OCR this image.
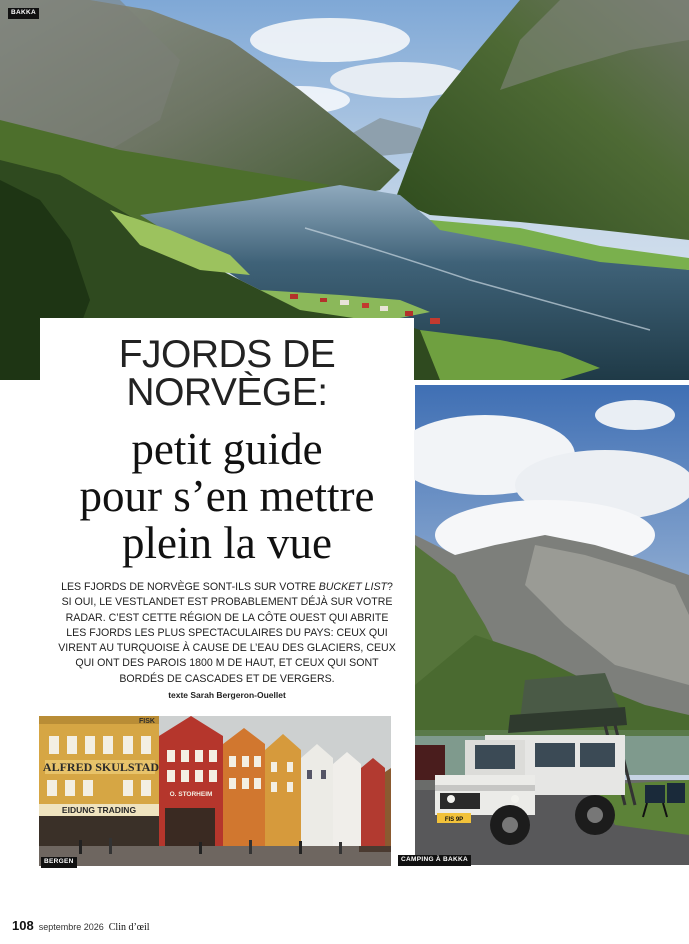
BAKKA
FIS 9P
CAMPING À BAKKA
ALFRED SKULSTAD
EIDUNG TRADING
O. STORHEIM
FISK
BERGEN
FJORDS DE
NORVÈGE:
petit guide
pour s’en mettre
plein la vue

LES FJORDS DE NORVÈGE SONT-ILS SUR VOTRE BUCKET LIST? SI OUI, LE VESTLANDET EST PROBABLEMENT DÉJÀ SUR VOTRE RADAR. C’EST CETTE RÉGION DE LA CÔTE OUEST QUI ABRITE LES FJORDS LES PLUS SPECTACULAIRES DU PAYS: CEUX QUI VIRENT AU TURQUOISE À CAUSE DE L’EAU DES GLACIERS, CEUX QUI ONT DES PAROIS 1800 M DE HAUT, ET CEUX QUI SONT BORDÉS DE CASCADES ET DE VERGERS.

texte Sarah Bergeron-Ouellet
108 septembre 2026 Clin d’œil
